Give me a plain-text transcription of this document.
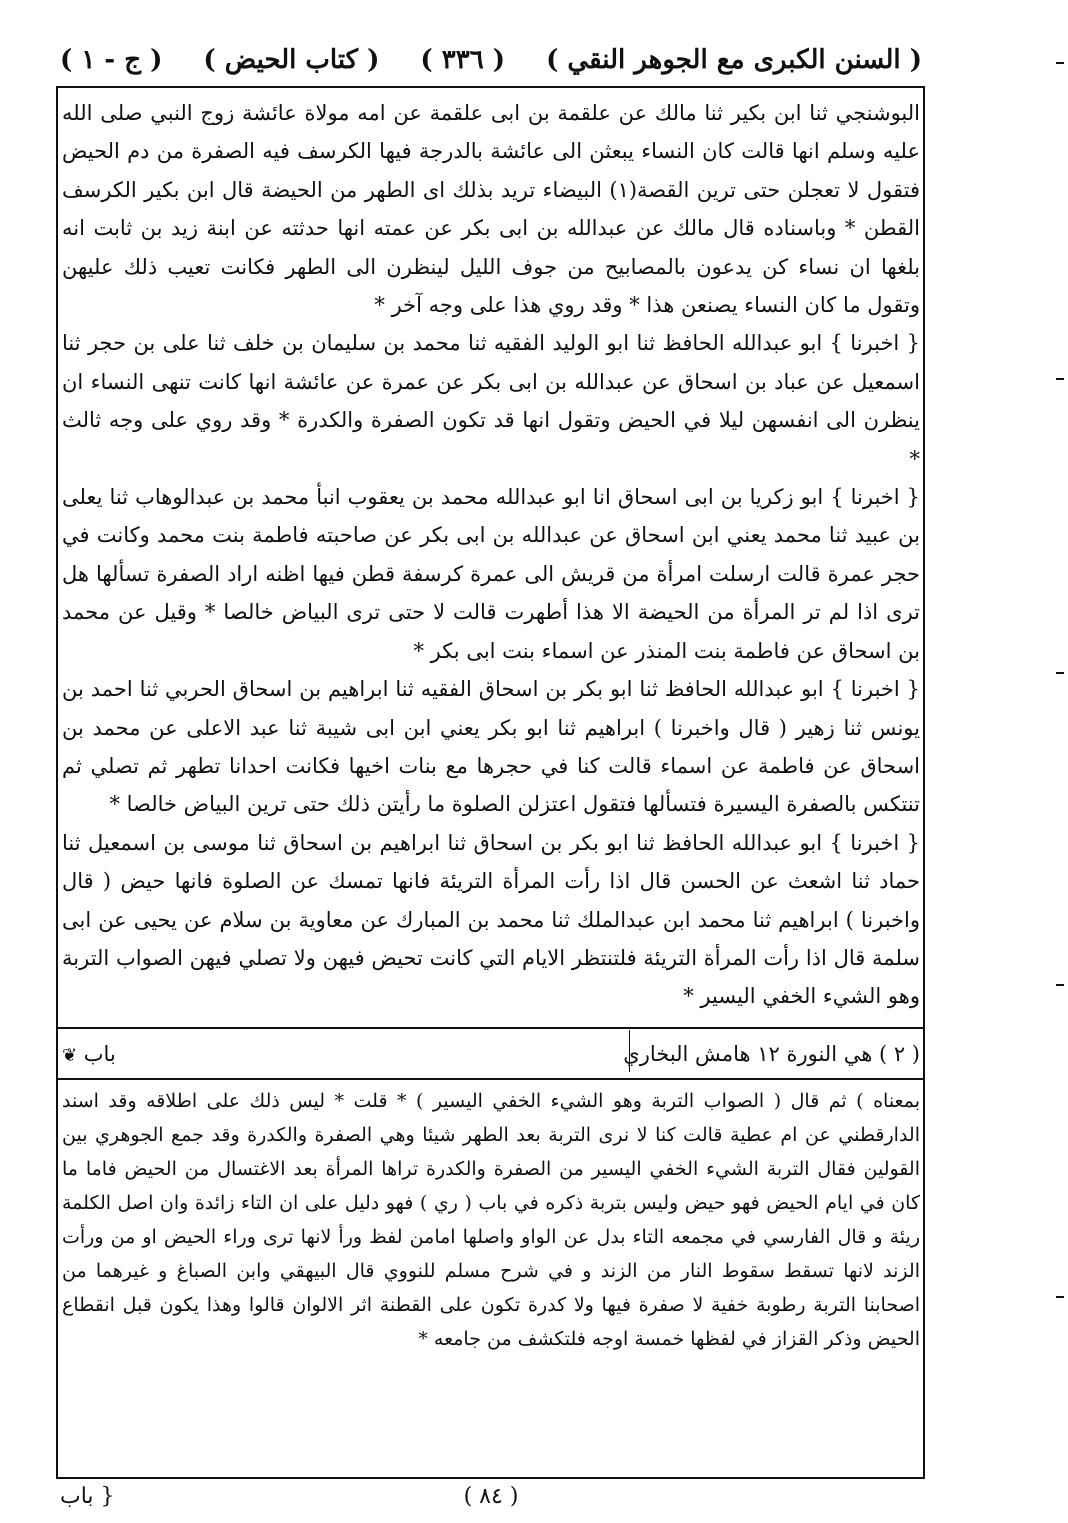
( السنن الكبرى مع الجوهر النقي )
( ٣٣٦ )
( كتاب الحيض )
( ج - ١ )

البوشنجي ثنا ابن بكير ثنا مالك عن علقمة بن ابى علقمة عن امه مولاة عائشة زوج النبي صلى الله عليه وسلم انها قالت كان النساء يبعثن الى عائشة بالدرجة فيها الكرسف فيه الصفرة من دم الحيض فتقول لا تعجلن حتى ترين القصة(١) البيضاء تريد بذلك اى الطهر من الحيضة قال ابن بكير الكرسف القطن * وباسناده قال مالك عن عبدالله بن ابى بكر عن عمته انها حدثته عن ابنة زيد بن ثابت انه بلغها ان نساء كن يدعون بالمصابيح من جوف الليل لينظرن الى الطهر فكانت تعيب ذلك عليهن وتقول ما كان النساء يصنعن هذا * وقد روي هذا على وجه آخر *

{ اخبرنا } ابو عبدالله الحافظ ثنا ابو الوليد الفقيه ثنا محمد بن سليمان بن خلف ثنا على بن حجر ثنا اسمعيل عن عباد بن اسحاق عن عبدالله بن ابى بكر عن عمرة عن عائشة انها كانت تنهى النساء ان ينظرن الى انفسهن ليلا في الحيض وتقول انها قد تكون الصفرة والكدرة * وقد روي على وجه ثالث *

{ اخبرنا } ابو زكريا بن ابى اسحاق انا ابو عبدالله محمد بن يعقوب انبأ محمد بن عبدالوهاب ثنا يعلى بن عبيد ثنا محمد يعني ابن اسحاق عن عبدالله بن ابى بكر عن صاحبته فاطمة بنت محمد وكانت في حجر عمرة قالت ارسلت امرأة من قريش الى عمرة كرسفة قطن فيها اظنه اراد الصفرة تسألها هل ترى اذا لم تر المرأة من الحيضة الا هذا أطهرت قالت لا حتى ترى البياض خالصا * وقيل عن محمد بن اسحاق عن فاطمة بنت المنذر عن اسماء بنت ابى بكر *

{ اخبرنا } ابو عبدالله الحافظ ثنا ابو بكر بن اسحاق الفقيه ثنا ابراهيم بن اسحاق الحربي ثنا احمد بن يونس ثنا زهير ( قال واخبرنا ) ابراهيم ثنا ابو بكر يعني ابن ابى شيبة ثنا عبد الاعلى عن محمد بن اسحاق عن فاطمة عن اسماء قالت كنا في حجرها مع بنات اخيها فكانت احدانا تطهر ثم تصلي ثم تنتكس بالصفرة اليسيرة فتسألها فتقول اعتزلن الصلوة ما رأيتن ذلك حتى ترين البياض خالصا *

{ اخبرنا } ابو عبدالله الحافظ ثنا ابو بكر بن اسحاق ثنا ابراهيم بن اسحاق ثنا موسى بن اسمعيل ثنا حماد ثنا اشعث عن الحسن قال اذا رأت المرأة التريئة فانها تمسك عن الصلوة فانها حيض ( قال واخبرنا ) ابراهيم ثنا محمد ابن عبدالملك ثنا محمد بن المبارك عن معاوية بن سلام عن يحيى عن ابى سلمة قال اذا رأت المرأة التريئة فلتنتظر الايام التي كانت تحيض فيهن ولا تصلي فيهن الصواب التربة وهو الشيء الخفي اليسير *

( ٢ ) هي النورة ١٢ هامش البخاري
باب ❦

بمعناه ) ثم قال ( الصواب التربة وهو الشيء الخفي اليسير ) * قلت * ليس ذلك على اطلاقه وقد اسند الدارقطني عن ام عطية قالت كنا لا نرى التربة بعد الطهر شيئا وهي الصفرة والكدرة وقد جمع الجوهري بين القولين فقال التربة الشيء الخفي اليسير من الصفرة والكدرة تراها المرأة بعد الاغتسال من الحيض فاما ما كان في ايام الحيض فهو حيض وليس بتربة ذكره في باب ( ري ) فهو دليل على ان التاء زائدة وان اصل الكلمة ريئة و قال الفارسي في مجمعه التاء بدل عن الواو واصلها امامن لفظ ورأ لانها ترى وراء الحيض او من ورأت الزند لانها تسقط سقوط النار من الزند و في شرح مسلم للنووي قال البيهقي وابن الصباغ و غيرهما من اصحابنا التربة رطوبة خفية لا صفرة فيها ولا كدرة تكون على القطنة اثر الالوان قالوا وهذا يكون قبل انقطاع الحيض وذكر القزاز في لفظها خمسة اوجه فلتكشف من جامعه *

( ٨٤ )
{ باب
